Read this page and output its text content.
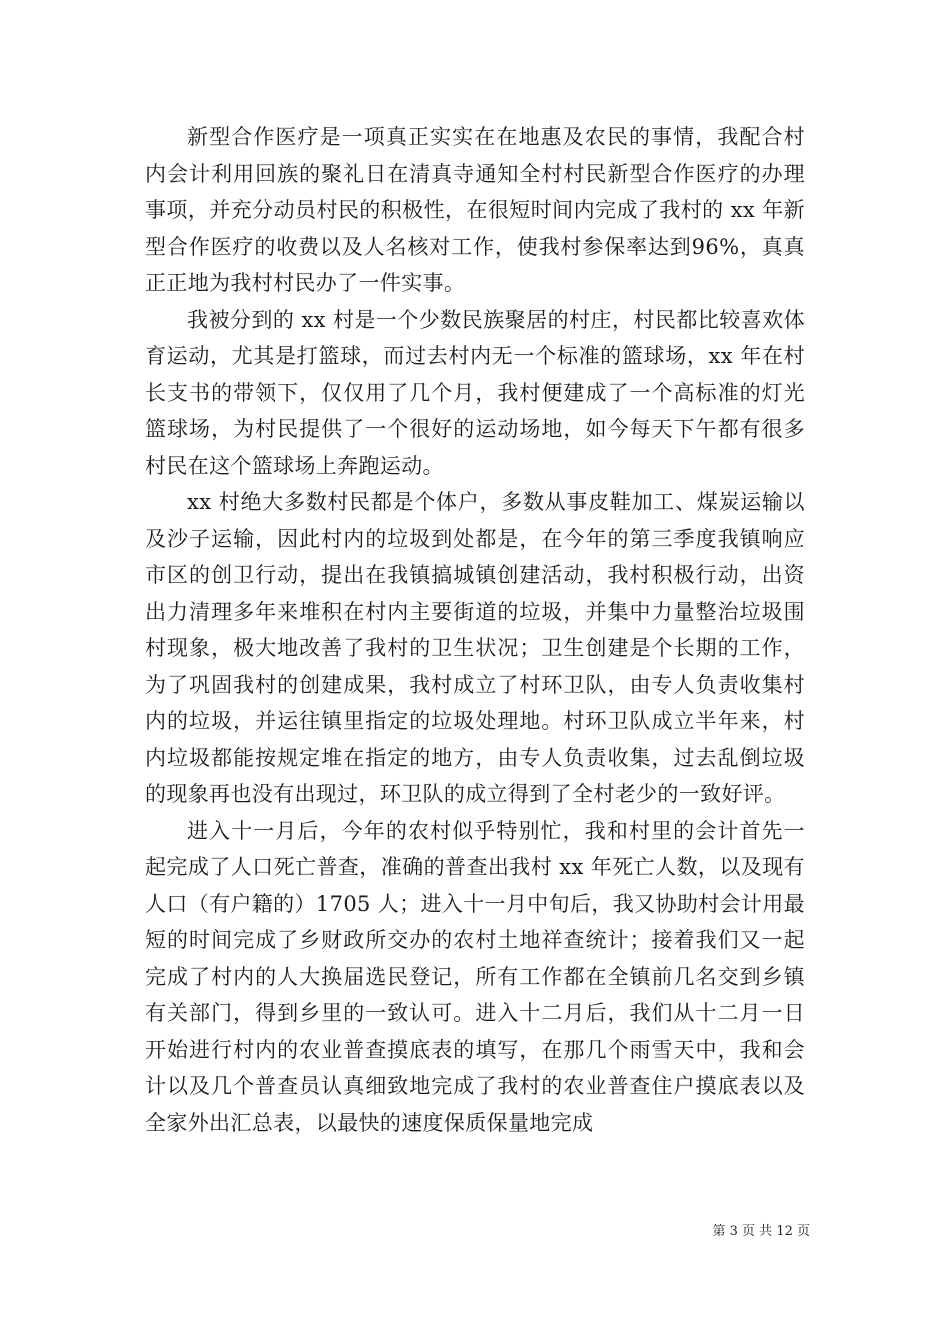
新型合作医疗是一项真正实实在在地惠及农民的事情，我配合村内会计利用回族的聚礼日在清真寺通知全村村民新型合作医疗的办理事项，并充分动员村民的积极性，在很短时间内完成了我村的 xx 年新型合作医疗的收费以及人名核对工作，使我村参保率达到96%，真真正正地为我村村民办了一件实事。

我被分到的 xx 村是一个少数民族聚居的村庄，村民都比较喜欢体育运动，尤其是打篮球，而过去村内无一个标准的篮球场，xx 年在村长支书的带领下，仅仅用了几个月，我村便建成了一个高标准的灯光篮球场，为村民提供了一个很好的运动场地，如今每天下午都有很多村民在这个篮球场上奔跑运动。

xx 村绝大多数村民都是个体户，多数从事皮鞋加工、煤炭运输以及沙子运输，因此村内的垃圾到处都是，在今年的第三季度我镇响应市区的创卫行动，提出在我镇搞城镇创建活动，我村积极行动，出资出力清理多年来堆积在村内主要街道的垃圾，并集中力量整治垃圾围村现象，极大地改善了我村的卫生状况；卫生创建是个长期的工作，为了巩固我村的创建成果，我村成立了村环卫队，由专人负责收集村内的垃圾，并运往镇里指定的垃圾处理地。村环卫队成立半年来，村内垃圾都能按规定堆在指定的地方，由专人负责收集，过去乱倒垃圾的现象再也没有出现过，环卫队的成立得到了全村老少的一致好评。

进入十一月后，今年的农村似乎特别忙，我和村里的会计首先一起完成了人口死亡普查，准确的普查出我村 xx 年死亡人数，以及现有人口（有户籍的）1705 人；进入十一月中旬后，我又协助村会计用最短的时间完成了乡财政所交办的农村土地祥查统计；接着我们又一起完成了村内的人大换届选民登记，所有工作都在全镇前几名交到乡镇有关部门，得到乡里的一致认可。进入十二月后，我们从十二月一日开始进行村内的农业普查摸底表的填写，在那几个雨雪天中，我和会计以及几个普查员认真细致地完成了我村的农业普查住户摸底表以及全家外出汇总表，以最快的速度保质保量地完成

第 3 页 共 12 页
